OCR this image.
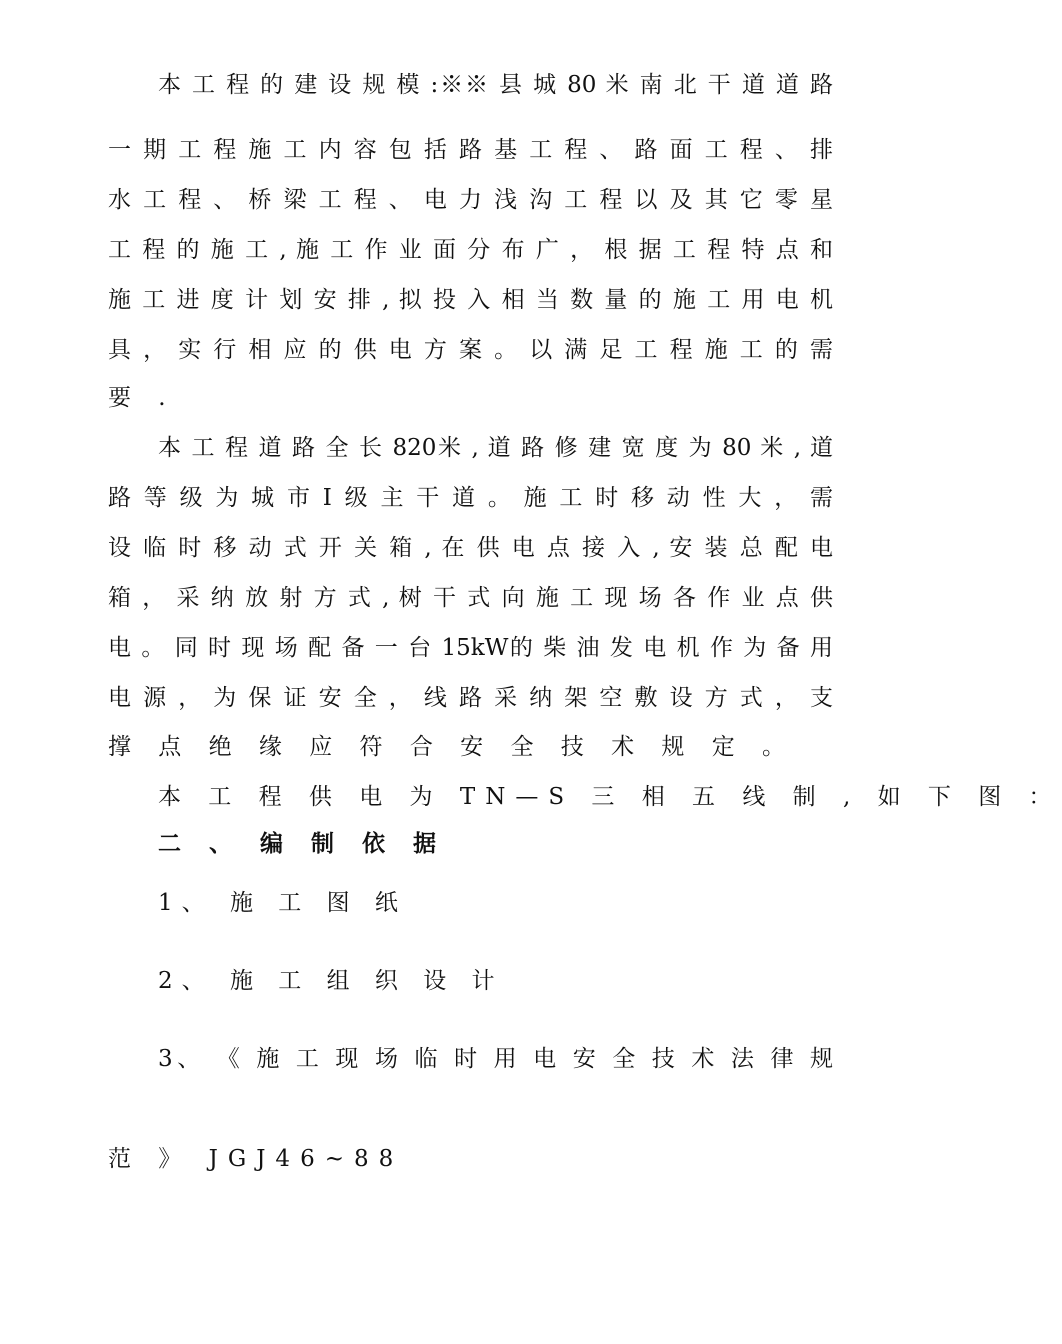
本 工 程 的 建 设 规 模 :※※ 县 城 80 米 南 北 干 道 道 路
一 期 工 程 施 工 内 容 包 括 路 基 工 程 、 路 面 工 程 、 排
水 工 程 、 桥 梁 工 程 、 电 力 浅 沟 工 程 以 及 其 它 零 星
工 程 的 施 工 , 施 工 作 业 面 分 布 广 ， 根 据 工 程 特 点 和
施 工 进 度 计 划 安 排 , 拟 投 入 相 当 数 量 的 施 工 用 电 机
具 ， 实 行 相 应 的 供 电 方 案 。 以 满 足 工 程 施 工 的 需
要 .
本 工 程 道 路 全 长 820米 , 道 路 修 建 宽 度 为 80 米 , 道
路 等 级 为 城 市 Ⅰ 级 主 干 道 。 施 工 时 移 动 性 大 ， 需
设 临 时 移 动 式 开 关 箱 , 在 供 电 点 接 入 , 安 装 总 配 电
箱 ， 采 纳 放 射 方 式 , 树 干 式 向 施 工 现 场 各 作 业 点 供
电 。 同 时 现 场 配 备 一 台 15kW的 柴 油 发 电 机 作 为 备 用
电 源 ， 为 保 证 安 全 ， 线 路 采 纳 架 空 敷 设 方 式 ， 支
撑 点 绝 缘 应 符 合 安 全 技 术 规 定 。
本 工 程 供 电 为 TN—S 三 相 五 线 制 , 如 下 图 ：
二 、 编 制 依 据
1、 施 工 图 纸
2、 施 工 组 织 设 计
3、 《 施 工 现 场 临 时 用 电 安 全 技 术 法 律 规
范 》 JGJ46~88
